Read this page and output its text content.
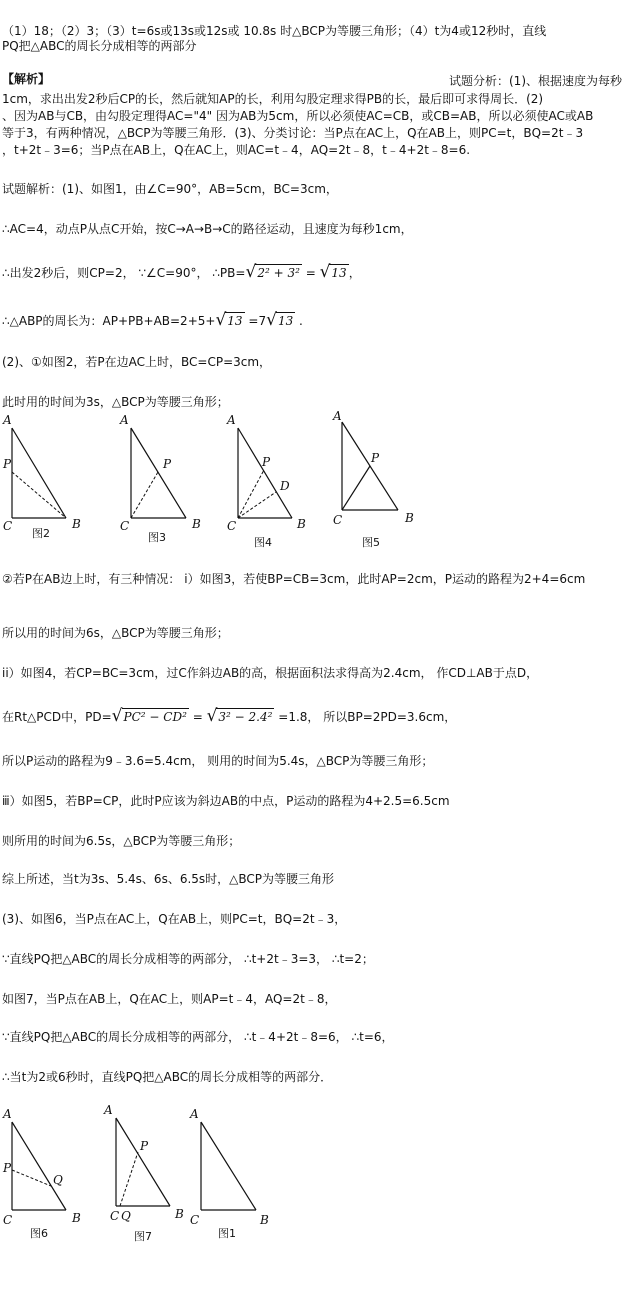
（1）18；（2）3；（3）t=6s或13s或12s或 10.8s 时△BCP为等腰三角形；（4）t为4或12秒时，直线
PQ把△ABC的周长分成相等的两部分
【解析】	试题分析：(1)、根据速度为每秒
1cm，求出出发2秒后CP的长，然后就知AP的长，利用勾股定理求得PB的长，最后即可求得周长．(2)
、因为AB与CB，由勾股定理得AC="4" 因为AB为5cm，所以必须使AC=CB，或CB=AB，所以必须使AC或AB
等于3，有两种情况，△BCP为等腰三角形．(3)、分类讨论：当P点在AC上，Q在AB上，则PC=t，BQ=2t﹣3
，t+2t﹣3=6；当P点在AB上，Q在AC上，则AC=t﹣4，AQ=2t﹣8，t﹣4+2t﹣8=6.
试题解析：(1)、如图1，由∠C=90°，AB=5cm，BC=3cm，
∴AC=4，动点P从点C开始，按C→A→B→C的路径运动，且速度为每秒1cm，
∴出发2秒后，则CP=2， ∵∠C=90°， ∴PB=√2² + 3² = √13 ，
∴△ABP的周长为：AP+PB+AB=2+5+√13 =7√13 .
(2)、①如图2，若P在边AC上时，BC=CP=3cm，
此时用的时间为3s，△BCP为等腰三角形；
A
P
C	B
图2
A
P
C	B
图3
A
P
D
C	B
图4
A
P
C	B
图5
②若P在AB边上时，有三种情况： i）如图3，若使BP=CB=3cm，此时AP=2cm，P运动的路程为2+4=6cm
所以用的时间为6s，△BCP为等腰三角形；
ii）如图4，若CP=BC=3cm，过C作斜边AB的高，根据面积法求得高为2.4cm， 作CD⊥AB于点D，
在Rt△PCD中，PD=√PC² − CD² = √3² − 2.4² =1.8， 所以BP=2PD=3.6cm，
所以P运动的路程为9﹣3.6=5.4cm， 则用的时间为5.4s，△BCP为等腰三角形；
ⅲ）如图5，若BP=CP，此时P应该为斜边AB的中点，P运动的路程为4+2.5=6.5cm
则所用的时间为6.5s，△BCP为等腰三角形；
综上所述，当t为3s、5.4s、6s、6.5s时，△BCP为等腰三角形
(3)、如图6，当P点在AC上，Q在AB上，则PC=t，BQ=2t﹣3，
∵直线PQ把△ABC的周长分成相等的两部分， ∴t+2t﹣3=3， ∴t=2；
如图7，当P点在AB上，Q在AC上，则AP=t﹣4，AQ=2t﹣8，
∵直线PQ把△ABC的周长分成相等的两部分， ∴t﹣4+2t﹣8=6， ∴t=6，
∴当t为2或6秒时，直线PQ把△ABC的周长分成相等的两部分．
A
P
Q
C	B
图6
A
P
C Q	B
图7
A
C	B
图1
